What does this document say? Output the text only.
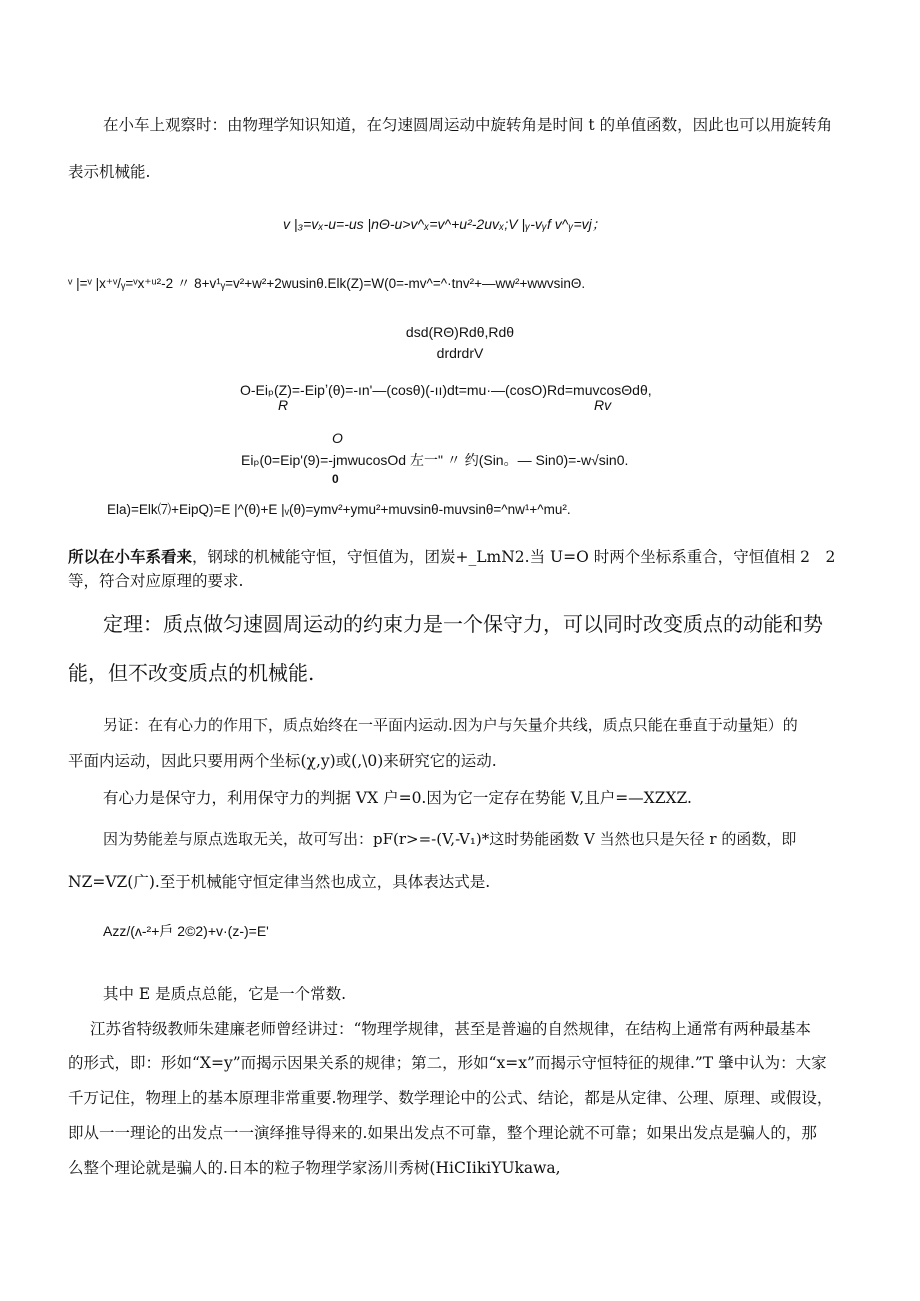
在小车上观察时：由物理学知识知道，在匀速圆周运动中旋转角是时间 t 的单值函数，因此也可以用旋转角
表示机械能.
v |₃=vₓ-u=-us |nΘ-u>v^ₓ=v^+u²-2uvₓ;V |ᵧ-vᵧf v^ᵧ=vj；
ᵛ |=ᵛ |x⁺ᵛ/ᵧ=ᵛx⁺ᵘ²-2 〃 8+v¹ᵧ=v²+w²+2wusinθ.Elk(Z)=W(0=-mv^=^·tnv²+—ww²+wwvsinΘ.
dsd(RΘ)Rdθ,Rdθ
drdrdrV
O-Eiₚ(Z)=-Eipʼ(θ)=-ın'—(cosθ)(-ıı)dt=mu·—(cosO)Rd=muvcosΘdθ,
R	Rv
O
Eiₚ(0=Eip'(9)=-jmwucosOd 左一" 〃 约(Sin。— Sin0)=-w√sin0.
0
Ela)=Elk⑺+EipQ)=E |^(θ)+E |ᵥ(θ)=ymv²+ymu²+muvsinθ-muvsinθ=^nw¹+^mu².
所以在小车系看来，钢球的机械能守恒，守恒值为，团炭+_LmN2.当 U=O 时两个坐标系重合，守恒值相 2　2
等，符合对应原理的要求.
定理：质点做匀速圆周运动的约束力是一个保守力，可以同时改变质点的动能和势
能，但不改变质点的机械能.
另证：在有心力的作用下，质点始终在一平面内运动.因为户与矢量介共线，质点只能在垂直于动量矩）的
平面内运动，因此只要用两个坐标(χ,y)或(,\0)来研究它的运动.
有心力是保守力，利用保守力的判据 VX 户=0.因为它一定存在势能 V,且户=—XZXZ.
因为势能差与原点选取无关，故可写出：pF(r>=-(V,-V₁)*这时势能函数 V 当然也只是矢径 r 的函数，即
NZ=VZ(广).至于机械能守恒定律当然也成立，具体表达式是.
Aᴢᴢ/(ʌ-²+戶 2©2)+v·(z-)=E'
其中 E 是质点总能，它是一个常数.
江苏省特级教师朱建廉老师曾经讲过：“物理学规律，甚至是普遍的自然规律，在结构上通常有两种最基本
的形式，即：形如“X=y”而揭示因果关系的规律；第二，形如“x=x”而揭示守恒特征的规律.”T 肇中认为：大家
千万记住，物理上的基本原理非常重要.物理学、数学理论中的公式、结论，都是从定律、公理、原理、或假设，
即从一一理论的出发点一一演绎推导得来的.如果出发点不可靠，整个理论就不可靠；如果出发点是骗人的，那
么整个理论就是骗人的.日本的粒子物理学家汤川秀树(HiCIikiYUkawa,
